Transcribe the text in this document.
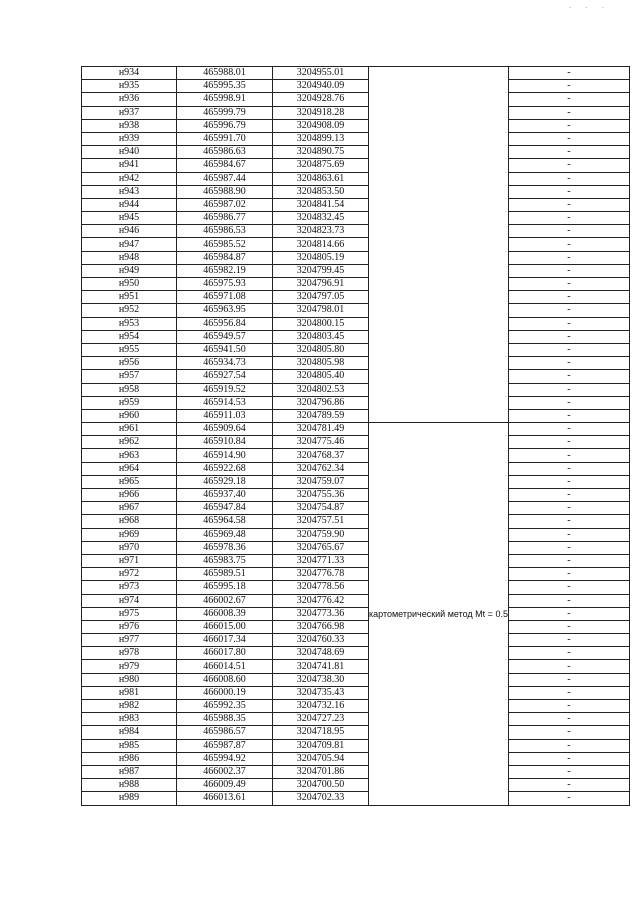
. . .
н934	465988.01	3204955.01		-
н935	465995.35	3204940.09		-
н936	465998.91	3204928.76		-
н937	465999.79	3204918.28		-
н938	465996.79	3204908.09		-
н939	465991.70	3204899.13		-
н940	465986.63	3204890.75		-
н941	465984.67	3204875.69		-
н942	465987.44	3204863.61		-
н943	465988.90	3204853.50		-
н944	465987.02	3204841.54		-
н945	465986.77	3204832.45		-
н946	465986.53	3204823.73		-
н947	465985.52	3204814.66		-
н948	465984.87	3204805.19		-
н949	465982.19	3204799.45		-
н950	465975.93	3204796.91		-
н951	465971.08	3204797.05		-
н952	465963.95	3204798.01		-
н953	465956.84	3204800.15		-
н954	465949.57	3204803.45		-
н955	465941.50	3204805.80		-
н956	465934.73	3204805.98		-
н957	465927.54	3204805.40		-
н958	465919.52	3204802.53		-
н959	465914.53	3204796.86		-
н960	465911.03	3204789.59		-
н961	465909.64	3204781.49	картометрический метод Mt = 0.5	-
н962	465910.84	3204775.46		-
н963	465914.90	3204768.37		-
н964	465922.68	3204762.34		-
н965	465929.18	3204759.07		-
н966	465937.40	3204755.36		-
н967	465947.84	3204754.87		-
н968	465964.58	3204757.51		-
н969	465969.48	3204759.90		-
н970	465978.36	3204765.67		-
н971	465983.75	3204771.33		-
н972	465989.51	3204776.78		-
н973	465995.18	3204778.56		-
н974	466002.67	3204776.42		-
н975	466008.39	3204773.36		-
н976	466015.00	3204766.98		-
н977	466017.34	3204760.33		-
н978	466017.80	3204748.69		-
н979	466014.51	3204741.81		-
н980	466008.60	3204738.30		-
н981	466000.19	3204735.43		-
н982	465992.35	3204732.16		-
н983	465988.35	3204727.23		-
н984	465986.57	3204718.95		-
н985	465987.87	3204709.81		-
н986	465994.92	3204705.94		-
н987	466002.37	3204701.86		-
н988	466009.49	3204700.50		-
н989	466013.61	3204702.33		-
